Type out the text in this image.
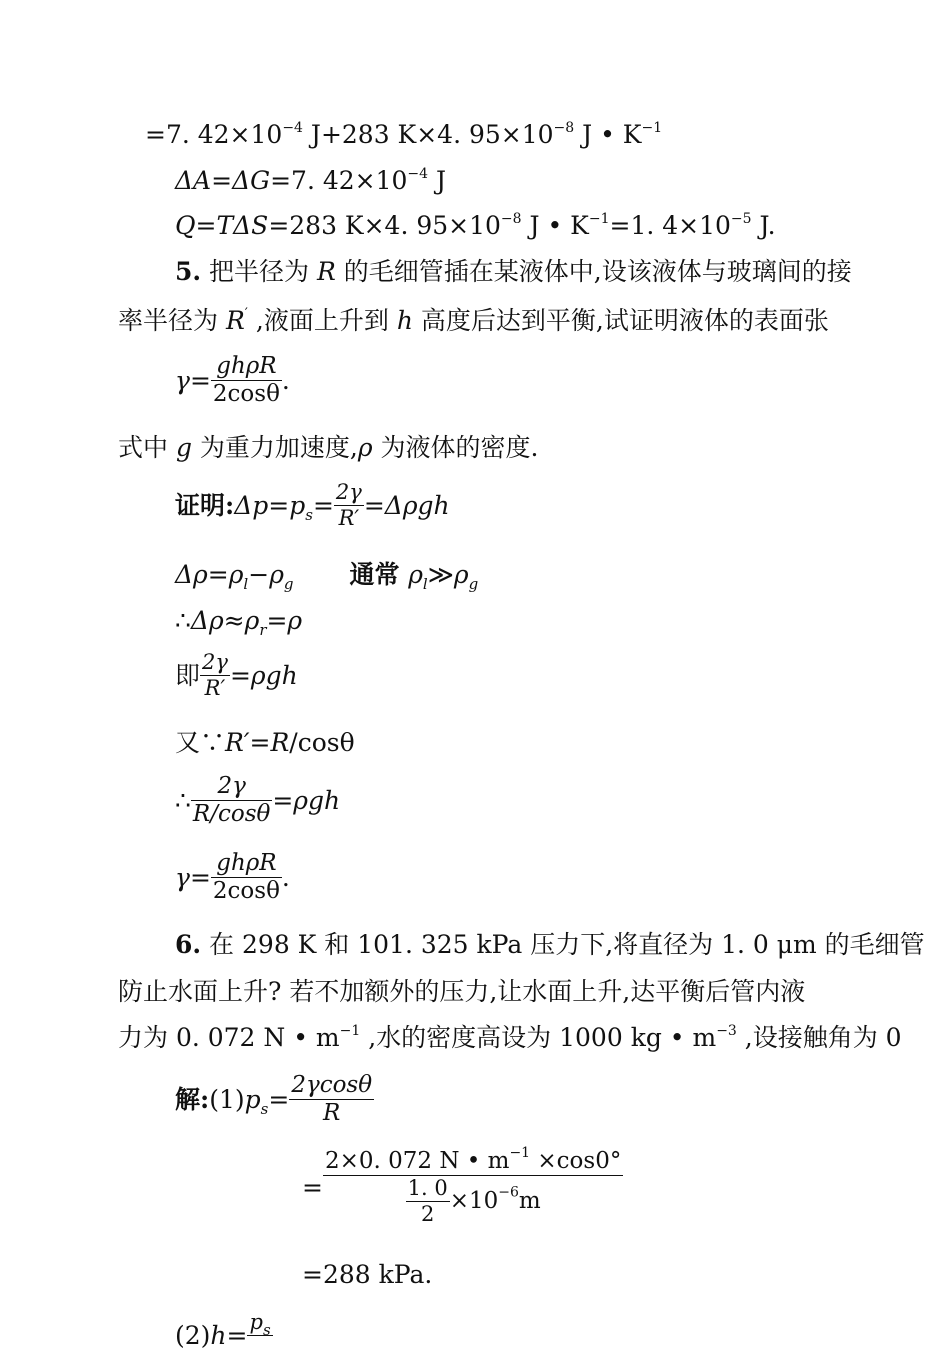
=7. $42\times 10^{-4}$ J+283 K×4. $95\times 10^{-8}$ J • $K^{-1}$
ΔA=ΔG=7. $42\times 10^{-4}$ J
Q=TΔS=283 K×4. $95\times 10^{-8}$ J • $K^{-1}=1$. $4\times 10^{-5}$ J.
5. 把半径为 R 的毛细管插在某液体中,设该液体与玻璃间的接
率半径为 R′ ,液面上升到 h 高度后达到平衡,试证明液体的表面张
$\gamma= \frac{\text{ghρR}}{2\cos\theta}$ .
式中 g 为重力加速度,ρ 为液体的密度.
证明$:\Delta p=p_s= \frac{2\gamma}{R'} =\Delta\rho gh$
$\Delta\rho=\rho_l-\rho_g$ 通常 $\rho_l≫\rho_g$
$\therefore\Delta\rho\approx\rho_r=\rho$
即 $\frac{2\gamma}{R'} =\rho gh$
又∵R′=R/cosθ
∴ $\frac{2\gamma}{R/\cos\theta} =\rho gh$
$\gamma= \frac{\text{ghρR}}{2\cos\theta}$ .
6. 在 298 K 和 101. 325 kPa 压力下,将直径为 1. 0 μm 的毛细管
防止水面上升? 若不加额外的压力,让水面上升,达平衡后管内液
力为 0. 072 N • $m^{-1}$ ,水的密度高设为 1000 kg • $m^{-3}$ ,设接触角为 0
解$:(1)p_s= \frac{2\gamma\cos\theta}{R}$
= $\frac{2\times 0. 072 N • m^{-1} \times\cos 0^\circ}{\frac{1. 0}{2} \times 10^{-6}m}$
=288 kPa.
$(2)h= p_s$
